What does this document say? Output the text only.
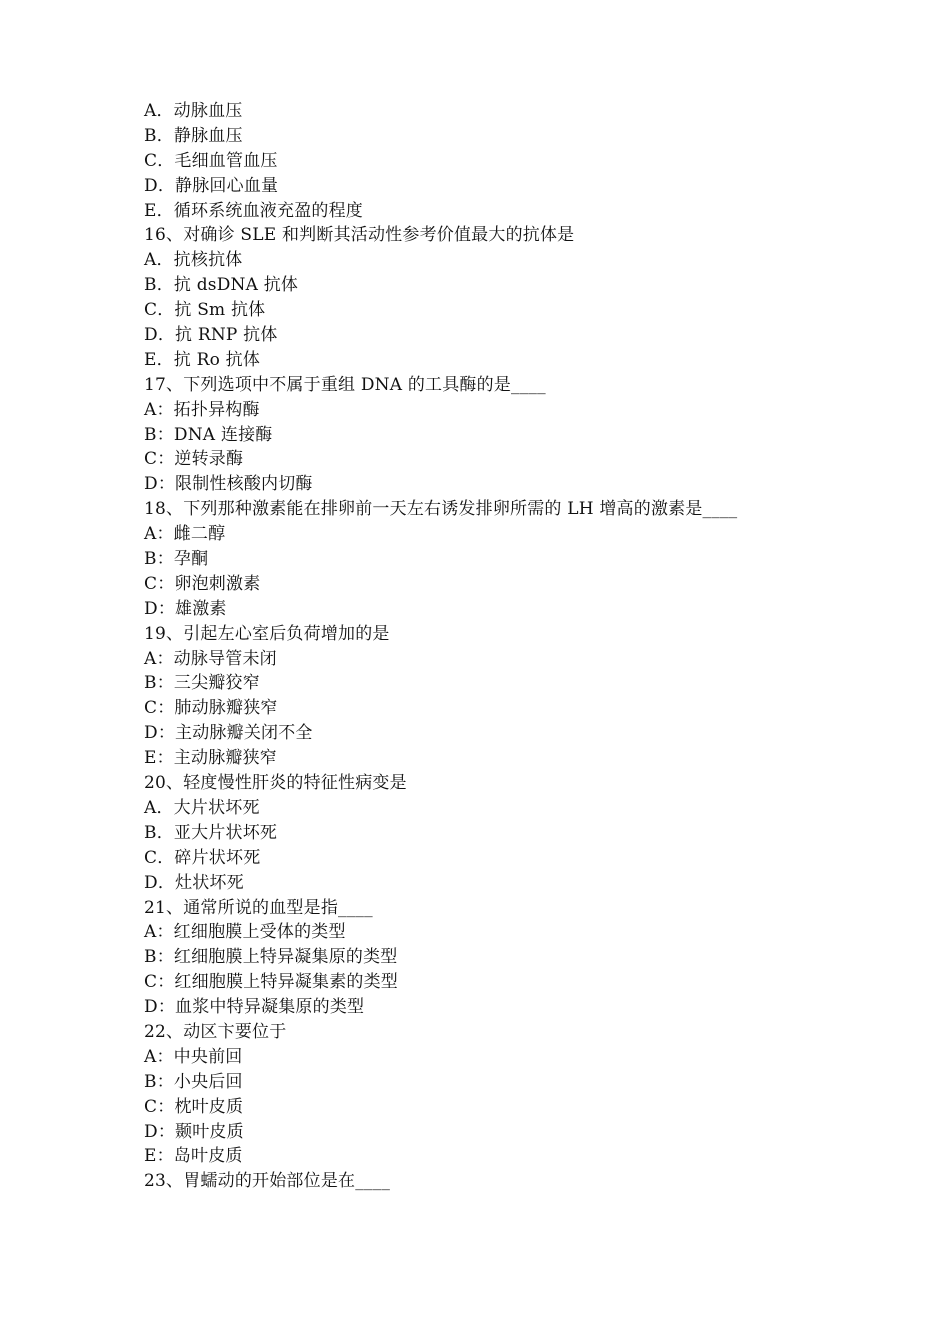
A．动脉血压
B．静脉血压
C．毛细血管血压
D．静脉回心血量
E．循环系统血液充盈的程度
16、对确诊 SLE 和判断其活动性参考价值最大的抗体是
A．抗核抗体
B．抗 dsDNA 抗体
C．抗 Sm 抗体
D．抗 RNP 抗体
E．抗 Ro 抗体
17、下列选项中不属于重组 DNA 的工具酶的是____
A：拓扑异构酶
B：DNA 连接酶
C：逆转录酶
D：限制性核酸内切酶
18、下列那种激素能在排卵前一天左右诱发排卵所需的 LH 增高的激素是____
A：雌二醇
B：孕酮
C：卵泡刺激素
D：雄激素
19、引起左心室后负荷增加的是
A：动脉导管未闭
B：三尖瓣狡窄
C：肺动脉瓣狭窄
D：主动脉瓣关闭不全
E：主动脉瓣狭窄
20、轻度慢性肝炎的特征性病变是
A．大片状坏死
B．亚大片状坏死
C．碎片状坏死
D．灶状坏死
21、通常所说的血型是指____
A：红细胞膜上受体的类型
B：红细胞膜上特异凝集原的类型
C：红细胞膜上特异凝集素的类型
D：血浆中特异凝集原的类型
22、动区卞要位于
A：中央前回
B：小央后回
C：枕叶皮质
D：颞叶皮质
E：岛叶皮质
23、胃蠕动的开始部位是在____
